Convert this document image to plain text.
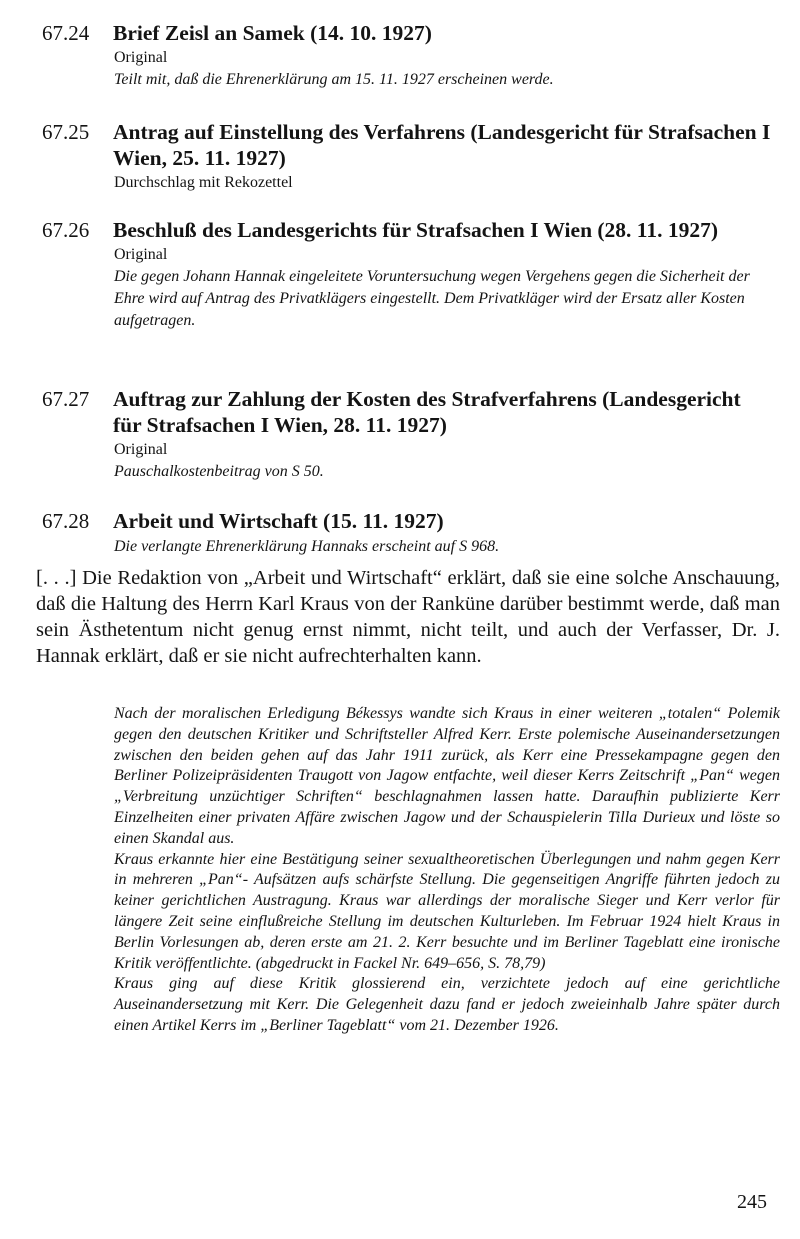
67.24 Brief Zeisl an Samek (14. 10. 1927)
Original
Teilt mit, daß die Ehrenerklärung am 15. 11. 1927 erscheinen werde.
67.25 Antrag auf Einstellung des Verfahrens (Landesgericht für Strafsachen I Wien, 25. 11. 1927)
Durchschlag mit Rekozettel
67.26 Beschluß des Landesgerichts für Strafsachen I Wien (28. 11. 1927)
Original
Die gegen Johann Hannak eingeleitete Voruntersuchung wegen Vergehens gegen die Sicherheit der Ehre wird auf Antrag des Privatklägers eingestellt. Dem Privatkläger wird der Ersatz aller Kosten aufgetragen.
67.27 Auftrag zur Zahlung der Kosten des Strafverfahrens (Landesgericht für Strafsachen I Wien, 28. 11. 1927)
Original
Pauschalkostenbeitrag von S 50.
67.28 Arbeit und Wirtschaft (15. 11. 1927)
Die verlangte Ehrenerklärung Hannaks erscheint auf S 968.

[. . .] Die Redaktion von „Arbeit und Wirtschaft“ erklärt, daß sie eine solche Anschauung, daß die Haltung des Herrn Karl Kraus von der Ranküne darüber bestimmt werde, daß man sein Ästhetentum nicht genug ernst nimmt, nicht teilt, und auch der Verfasser, Dr. J. Hannak erklärt, daß er sie nicht aufrechterhalten kann.

Nach der moralischen Erledigung Békessys wandte sich Kraus in einer weiteren „totalen“ Polemik gegen den deutschen Kritiker und Schriftsteller Alfred Kerr. Erste polemische Auseinandersetzungen zwischen den beiden gehen auf das Jahr 1911 zurück, als Kerr eine Pressekampagne gegen den Berliner Polizeipräsidenten Traugott von Jagow entfachte, weil dieser Kerrs Zeitschrift „Pan“ wegen „Verbreitung unzüchtiger Schriften“ beschlagnahmen lassen hatte. Daraufhin publizierte Kerr Einzelheiten einer privaten Affäre zwischen Jagow und der Schauspielerin Tilla Durieux und löste so einen Skandal aus.

Kraus erkannte hier eine Bestätigung seiner sexualtheoretischen Überlegungen und nahm gegen Kerr in mehreren „Pan“- Aufsätzen aufs schärfste Stellung. Die gegenseitigen Angriffe führten jedoch zu keiner gerichtlichen Austragung. Kraus war allerdings der moralische Sieger und Kerr verlor für längere Zeit seine einflußreiche Stellung im deutschen Kulturleben. Im Februar 1924 hielt Kraus in Berlin Vorlesungen ab, deren erste am 21. 2. Kerr besuchte und im Berliner Tageblatt eine ironische Kritik veröffentlichte. (abgedruckt in Fackel Nr. 649–656, S. 78,79)

Kraus ging auf diese Kritik glossierend ein, verzichtete jedoch auf eine gerichtliche Auseinandersetzung mit Kerr. Die Gelegenheit dazu fand er jedoch zweieinhalb Jahre später durch einen Artikel Kerrs im „Berliner Tageblatt“ vom 21. Dezember 1926.

245
